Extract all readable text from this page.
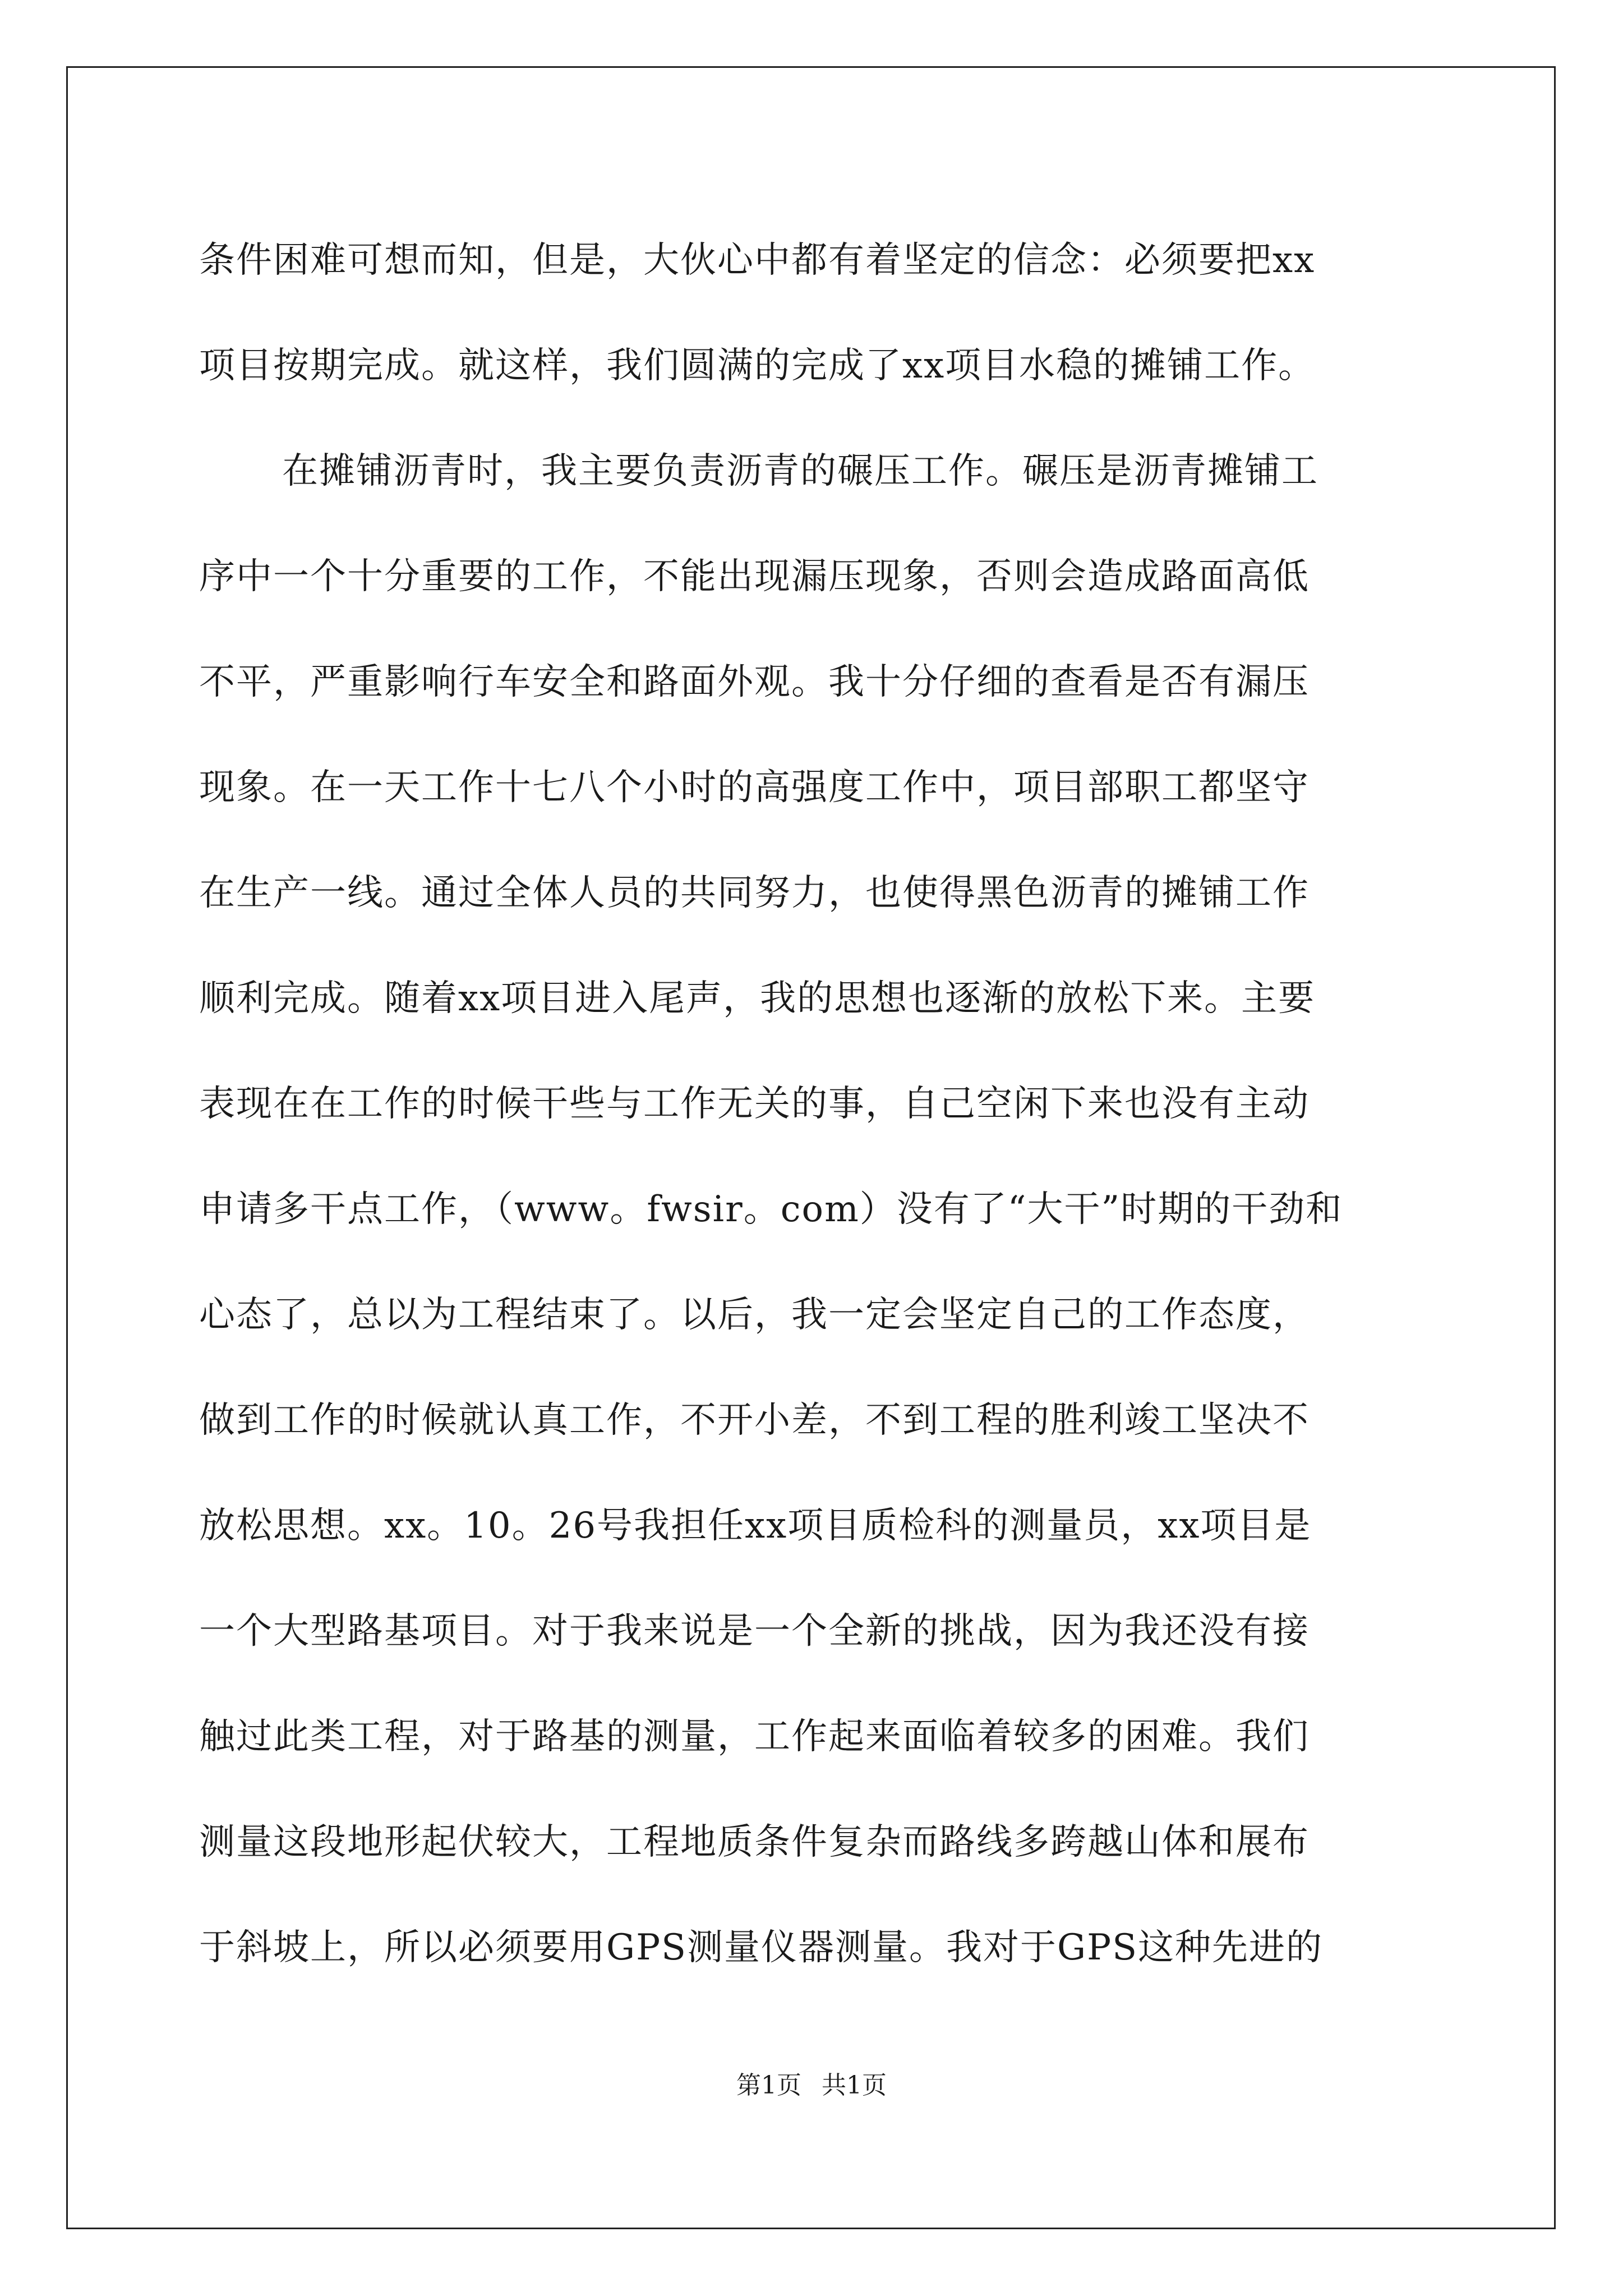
条件困难可想而知，但是，大伙心中都有着坚定的信念：必须要把xx
项目按期完成。就这样，我们圆满的完成了xx项目水稳的摊铺工作。
在摊铺沥青时，我主要负责沥青的碾压工作。碾压是沥青摊铺工
序中一个十分重要的工作，不能出现漏压现象，否则会造成路面高低
不平，严重影响行车安全和路面外观。我十分仔细的查看是否有漏压
现象。在一天工作十七八个小时的高强度工作中，项目部职工都坚守
在生产一线。通过全体人员的共同努力，也使得黑色沥青的摊铺工作
顺利完成。随着xx项目进入尾声，我的思想也逐渐的放松下来。主要
表现在在工作的时候干些与工作无关的事，自己空闲下来也没有主动
申请多干点工作，（www。fwsir。com）没有了“大干”时期的干劲和
心态了，总以为工程结束了。以后，我一定会坚定自己的工作态度，
做到工作的时候就认真工作，不开小差，不到工程的胜利竣工坚决不
放松思想。xx。10。26号我担任xx项目质检科的测量员，xx项目是
一个大型路基项目。对于我来说是一个全新的挑战，因为我还没有接
触过此类工程，对于路基的测量，工作起来面临着较多的困难。我们
测量这段地形起伏较大，工程地质条件复杂而路线多跨越山体和展布
于斜坡上，所以必须要用GPS测量仪器测量。我对于GPS这种先进的
第1页 共1页
